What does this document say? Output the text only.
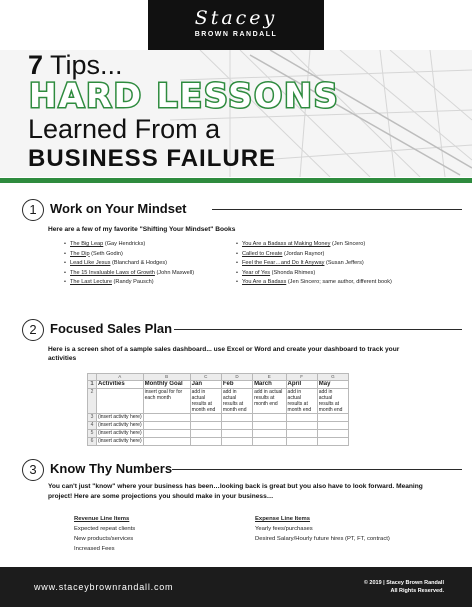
Stacey
BROWN RANDALL
7 Tips...
HARD LESSONS
Learned From a
BUSINESS FAILURE
1	Work on Your Mindset
Here are a few of my favorite "Shifting Your Mindset" Books
• The Big Leap (Gay Hendricks)
• The Dip (Seth Godin)
• Lead Like Jesus (Blanchard & Hodges)
• The 15 Invaluable Laws of Growth (John Maxwell)
• The Last Lecture (Randy Pausch)
• You Are a Badass at Making Money (Jen Sincero)
• Called to Create (Jordan Raynor)
• Feel the Fear…and Do It Anyway (Susan Jeffers)
• Year of Yes (Shonda Rhimes)
• You Are a Badass (Jen Sincero; same author, different book)
2	Focused Sales Plan
Here is a screen shot of a sample sales dashboard... use Excel or Word and create your dashboard to track your activities
	A	B	C	D	E	F	G
1	Activities	Monthly Goal	Jan	Feb	March	April	May
2		insert goal for for each month	add in actual results at month end	add in actual results at month end	add in actual results at month end	add in actual results at month end	add in actual results at month end
3	(insert activity here)						
4	(insert activity here)						
5	(insert activity here)						
6	(insert activity here)						
3	Know Thy Numbers
You can't just "know" where your business has been…looking back is great but you also have to look forward. Meaning project! Here are some projections you should make in your business…
Revenue Line Items
Expected repeat clients
New products/services
Increased Fees
Expense Line Items
Yearly fees/purchases
Desired Salary/Hourly future hires (PT, FT, contract)
www.staceybrownrandall.com	© 2019 | Stacey Brown Randall
All Rights Reserved.
